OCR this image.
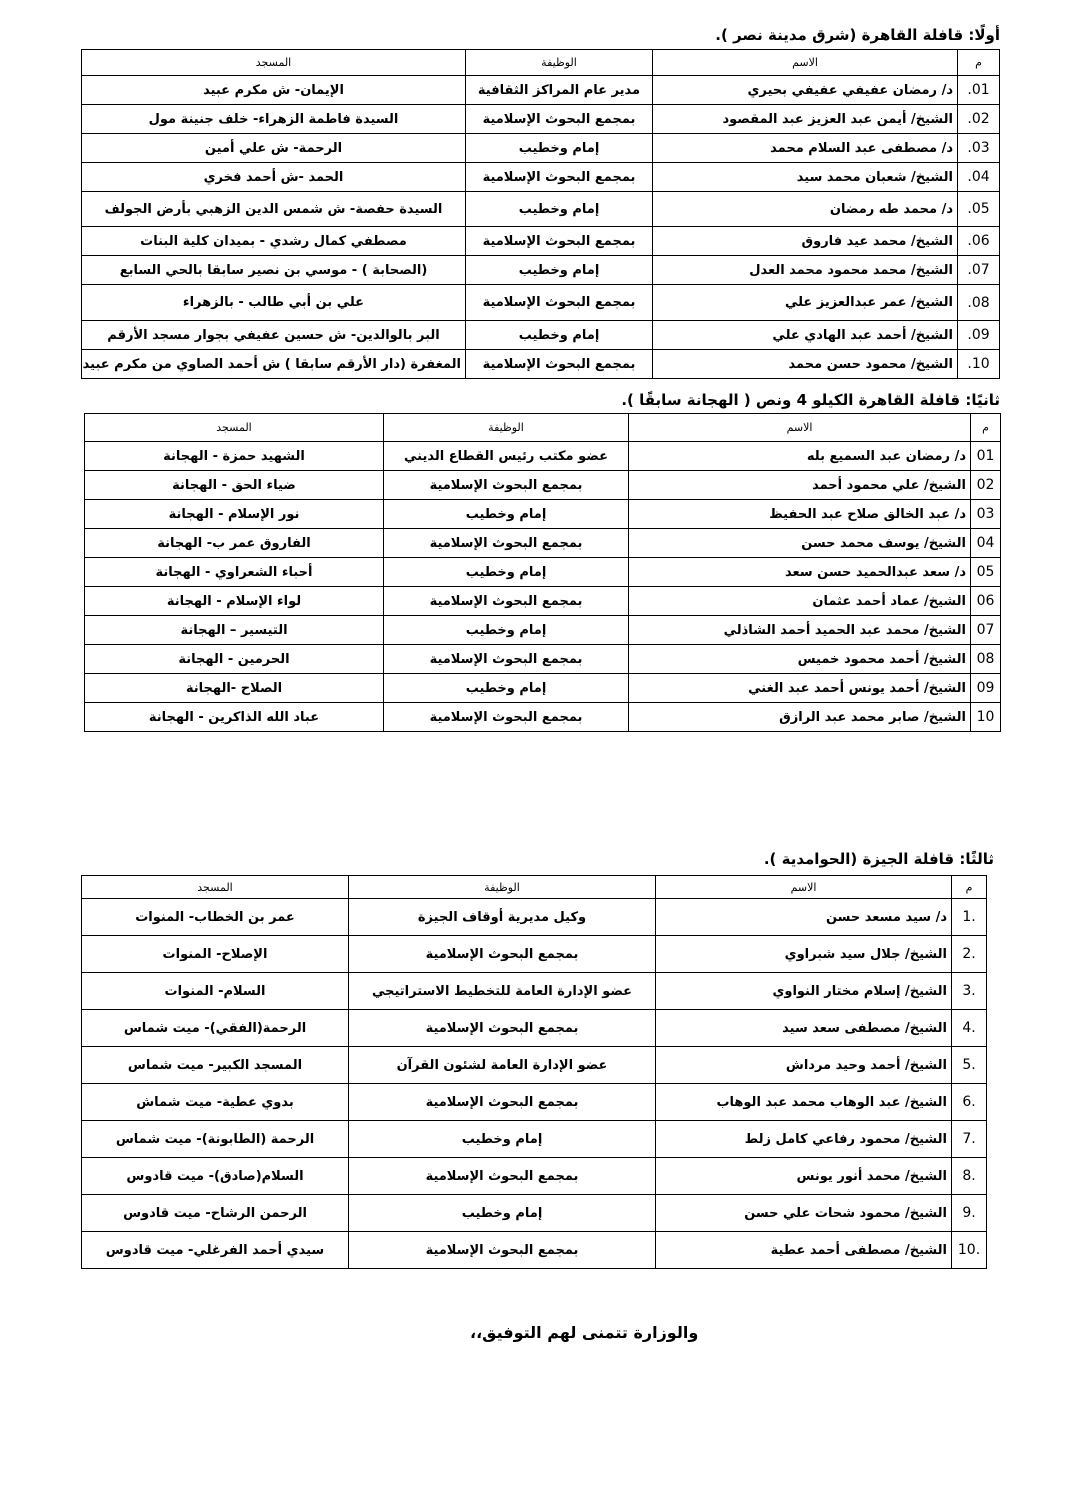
أولًا: قافلة القاهرة (شرق مدينة نصر ).
م	الاسم	الوظيفة	المسجد
01.	د/ رمضان عفيفي عفيفي بحيري	مدير عام المراكز الثقافية	الإيمان- ش مكرم عبيد
02.	الشيخ/ أيمن عبد العزيز عبد المقصود	بمجمع البحوث الإسلامية	السيدة فاطمة الزهراء- خلف جنينة مول
03.	د/ مصطفى عبد السلام محمد	إمام وخطيب	الرحمة- ش علي أمين
04.	الشيخ/ شعبان محمد سيد	بمجمع البحوث الإسلامية	الحمد -ش أحمد فخري
05.	د/ محمد طه رمضان	إمام وخطيب	السيدة حفصة- ش شمس الدين الزهبي بأرض الجولف
06.	الشيخ/ محمد عيد فاروق	بمجمع البحوث الإسلامية	مصطفي كمال رشدي - بميدان كلية البنات
07.	الشيخ/ محمد محمود محمد العدل	إمام وخطيب	(الصحابة ) - موسي بن نصير سابقا بالحي السابع
08.	الشيخ/ عمر عبدالعزيز علي	بمجمع البحوث الإسلامية	علي بن أبي طالب - بالزهراء
09.	الشيخ/ أحمد عبد الهادي علي	إمام وخطيب	البر بالوالدين- ش حسين عفيفي بجوار مسجد الأرقم
10.	الشيخ/ محمود حسن محمد	بمجمع البحوث الإسلامية	المغفرة (دار الأرقم سابقا ) ش أحمد الصاوي من مكرم عبيد
ثانيًا: قافلة القاهرة الكيلو 4 ونص ( الهجانة سابقًا ).
م	الاسم	الوظيفة	المسجد
01	د/ رمضان عبد السميع بله	عضو مكتب رئيس القطاع الديني	الشهيد حمزة - الهجانة
02	الشيخ/ علي محمود أحمد	بمجمع البحوث الإسلامية	ضياء الحق - الهجانة
03	د/ عبد الخالق صلاح عبد الحفيظ	إمام وخطيب	نور الإسلام - الهجانة
04	الشيخ/ يوسف محمد حسن	بمجمع البحوث الإسلامية	الفاروق عمر ب- الهجانة
05	د/ سعد عبدالحميد حسن سعد	إمام وخطيب	أحباء الشعراوي - الهجانة
06	الشيخ/ عماد أحمد عثمان	بمجمع البحوث الإسلامية	لواء الإسلام - الهجانة
07	الشيخ/ محمد عبد الحميد أحمد الشاذلي	إمام وخطيب	التيسير – الهجانة
08	الشيخ/ أحمد محمود خميس	بمجمع البحوث الإسلامية	الحرمين - الهجانة
09	الشيخ/ أحمد يونس أحمد عبد الغني	إمام وخطيب	الصلاح -الهجانة
10	الشيخ/ صابر محمد عبد الرازق	بمجمع البحوث الإسلامية	عباد الله الذاكرين - الهجانة
ثالثًا: قافلة الجيزة (الحوامدية ).
م	الاسم	الوظيفة	المسجد
.1	د/ سيد مسعد حسن	وكيل مديرية أوقاف الجيزة	عمر بن الخطاب- المنوات
.2	الشيخ/ جلال سيد شبراوي	بمجمع البحوث الإسلامية	الإصلاح- المنوات
.3	الشيخ/ إسلام مختار النواوي	عضو الإدارة العامة للتخطيط الاستراتيجي	السلام- المنوات
.4	الشيخ/ مصطفى سعد سيد	بمجمع البحوث الإسلامية	الرحمة(الفقي)- ميت شماس
.5	الشيخ/ أحمد وحيد مرداش	عضو الإدارة العامة لشئون القرآن	المسجد الكبير- ميت شماس
.6	الشيخ/ عبد الوهاب محمد عبد الوهاب	بمجمع البحوث الإسلامية	بدوي عطية- ميت شماش
.7	الشيخ/ محمود رفاعي كامل زلط	إمام وخطيب	الرحمة (الطابونة)- ميت شماس
.8	الشيخ/ محمد أنور يونس	بمجمع البحوث الإسلامية	السلام(صادق)- ميت قادوس
.9	الشيخ/ محمود شحات علي حسن	إمام وخطيب	الرحمن الرشاح- ميت قادوس
.10	الشيخ/ مصطفى أحمد عطية	بمجمع البحوث الإسلامية	سيدي أحمد الفرغلي- ميت قادوس
والوزارة تتمنى لهم التوفيق،،
